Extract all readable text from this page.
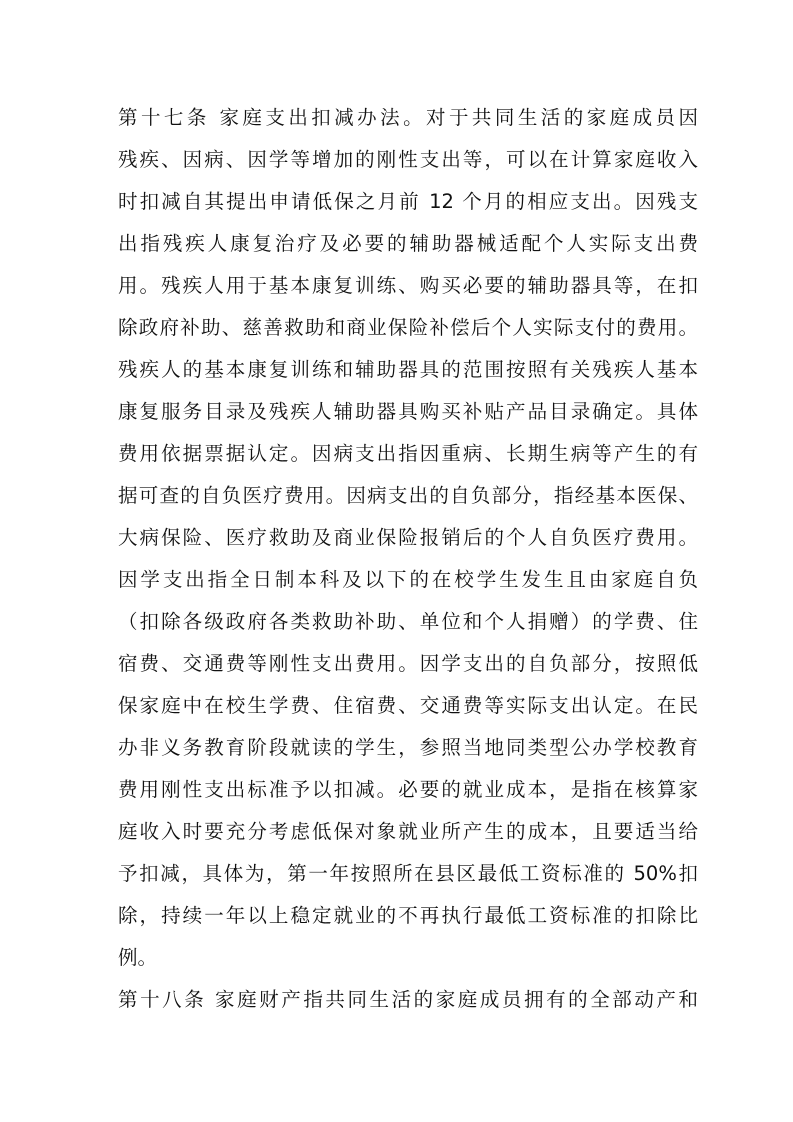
第十七条 家庭支出扣减办法。对于共同生活的家庭成员因
残疾、因病、因学等增加的刚性支出等，可以在计算家庭收入
时扣减自其提出申请低保之月前 12 个月的相应支出。因残支
出指残疾人康复治疗及必要的辅助器械适配个人实际支出费
用。残疾人用于基本康复训练、购买必要的辅助器具等，在扣
除政府补助、慈善救助和商业保险补偿后个人实际支付的费用。
残疾人的基本康复训练和辅助器具的范围按照有关残疾人基本
康复服务目录及残疾人辅助器具购买补贴产品目录确定。具体
费用依据票据认定。因病支出指因重病、长期生病等产生的有
据可查的自负医疗费用。因病支出的自负部分，指经基本医保、
大病保险、医疗救助及商业保险报销后的个人自负医疗费用。
因学支出指全日制本科及以下的在校学生发生且由家庭自负
（扣除各级政府各类救助补助、单位和个人捐赠）的学费、住
宿费、交通费等刚性支出费用。因学支出的自负部分，按照低
保家庭中在校生学费、住宿费、交通费等实际支出认定。在民
办非义务教育阶段就读的学生，参照当地同类型公办学校教育
费用刚性支出标准予以扣减。必要的就业成本，是指在核算家
庭收入时要充分考虑低保对象就业所产生的成本，且要适当给
予扣减，具体为，第一年按照所在县区最低工资标准的 50%扣
除，持续一年以上稳定就业的不再执行最低工资标准的扣除比
例。
第十八条 家庭财产指共同生活的家庭成员拥有的全部动产和
